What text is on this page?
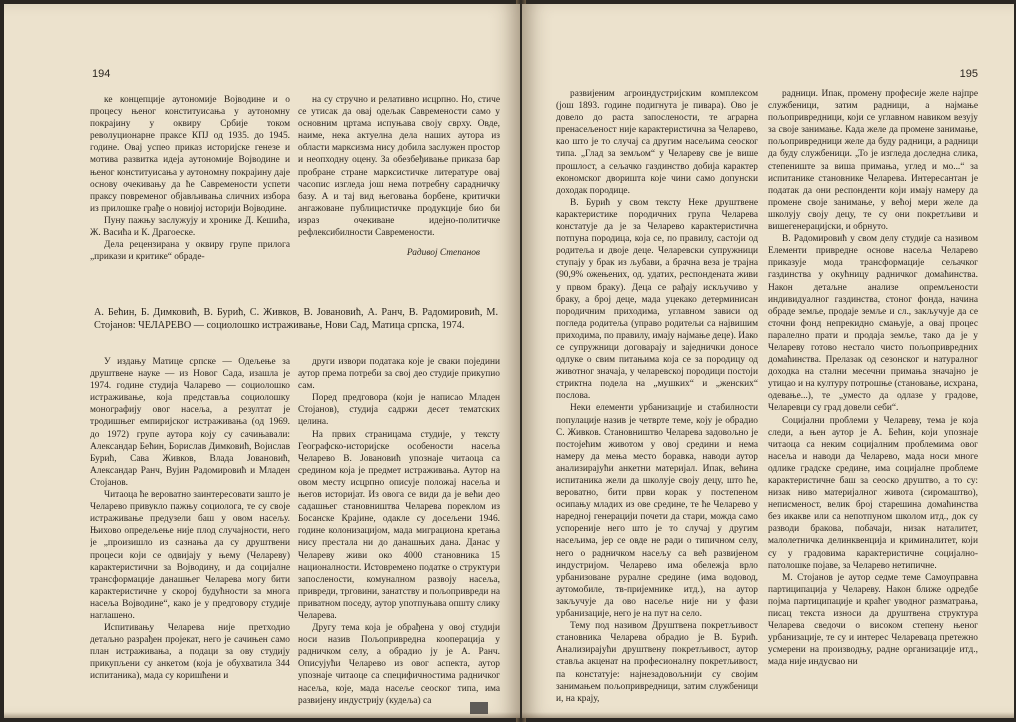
194

ке концепције аутономије Војводине и о процесу њеног конституисања у аутономну покрајину у оквиру Србије током револуционарне праксе КПЈ од 1935. до 1945. године. Овај успео приказ историјске генезе и мотива развитка идеја аутономије Војводине и њеног конституисања у аутономну покрајину даје основу очекивању да ће Савремености успети праксу повременог објављивања сличних избора из прилошке грађе о новијој историји Војводине.

Пуну пажњу заслужују и хронике Д. Кешића, Ж. Васића и К. Драгоеске.

Дела рецензирана у оквиру групе прилога „прикази и критике“ обраде-

на су стручно и релативно исцрпно. Но, стиче се утисак да овај одељак Савремености само у основним цртама испуњава своју сврху. Овде, наиме, нека актуелна дела наших аутора из области марксизма нису добила заслужен простор и неопходну оцену. За обезбеђивање приказа бар пробране стране марксистичке литературе овај часопис изгледа још нема потребну сарадничку базу. А и тај вид његовања борбене, критички ангажоване публицистичке продукције био би израз очекиване идејно-политичке рефлексибилности Савремености.

Радивој Степанов

А. Бећин, Б. Димковић, В. Бурић, С. Живков, В. Јовановић, А. Ранч, В. Радомировић, М. Стојанов: ЧЕЛАРЕВО — социолошко истраживање, Нови Сад, Матица српска, 1974.

У издању Матице српске — Одељење за друштвене науке — из Новог Сада, изашла је 1974. године студија Чаларево — социолошко истраживање, која представља социолошку монографију овог насеља, а резултат је тродишњег емпиријског истраживања (од 1969. до 1972) групе аутора коју су сачињавали: Александар Бећин, Борислав Димковић, Војислав Бурић, Сава Живков, Влада Јовановић, Александар Ранч, Вујин Радомировић и Младен Стојанов.

Читаоца ће вероватно заинтересовати зашто је Челарево привукло пажњу социолога, те су своје истраживање предузели баш у овом насељу. Њихово опредељење није плод случајности, него је „произишло из сазнања да су друштвени процеси који се одвијају у њему (Челареву) карактеристични за Војводину, и да социјалне трансформације данашњег Челарева могу бити карактеристичне у скорој будућности за многа насеља Војводине“, како је у предговору студије наглашено.

Испитивању Челарева није претходио детаљно разрађен пројекат, него је сачињен само план истраживања, а подаци за ову студију прикупљени су анкетом (која је обухватила 344 испитаника), мада су коришћени и

други извори података које је сваки поједини аутор према потреби за свој део студије прикупио сам.

Поред предговора (који је написао Младен Стојанов), студија садржи десет тематских целина.

На првих страницама студије, у тексту Географско-историјске особености насеља Челарево В. Јовановић упознаје читаоца са средином која је предмет истраживања. Аутор на овом месту исцрпно описује положај насеља и његов историјат. Из овога се види да је већи део садашњег становништва Челарева пореклом из Босанске Крајине, одакле су досељени 1946. године колонизацијом, мада миграциона кретања нису престала ни до данашњих дана. Данас у Челареву живи око 4000 становника 15 националности. Истовремено податке о структури запослености, комуналном развоју насеља, привреди, трговини, занатству и пољопривреди на приватном поседу, аутор употпуњава општу слику Челарева.

Другу тема која је обрађена у овој студији носи назив Пољопривредна кооперација у радничком селу, а обрадио ју је А. Ранч. Описујући Челарево из овог аспекта, аутор упознаје читаоце са специфичностима радничког насеља, које, мада насеље сеоског типа, има развијену индустрију (кудеља) са

195

развијеним агроиндустријским комплексом (још 1893. године подигнута је пивара). Ово је довело до раста запослености, те аграрна пренасељеност није карактеристична за Челарево, као што је то случај са другим насељима сеоског типа. „Глад за земљом“ у Челареву све је више прошлост, а сељачко газдинство добија карактер економског дворишта које чини само допунски доходак породице.

В. Бурић у свом тексту Неке друштвене карактеристике породичних група Челарева констатује да је за Челарево карактеристична потпуна породица, која се, по правилу, састоји од родитеља и двоје деце. Челаревски супружници ступају у брак из љубави, а брачна веза је трајна (90,9% ожењених, од. удатих, респондената живи у првом браку). Деца се рађају искључиво у браку, а број деце, мада уцекако детерминисан породичним приходима, углавном зависи од погледа родитеља (управо родитељи са највишим приходима, по правилу, имају најмање деце). Иако се супружници договарају и заједнички доносе одлуке о свим питањима која се за породицу од животног значаја, у челаревској породици постоји стриктна подела на „мушких“ и „женских“ послова.

Неки елементи урбанизације и стабилности популације назив је четврте теме, коју је обрадио С. Живков. Становништво Челарева задовољно је постојећим животом у овој средини и нема намеру да мења место боравка, наводи аутор анализирајући анкетни материјал. Ипак, већина испитаника жели да школује своју децу, што ће, вероватно, бити први корак у постепеном осипању младих из ове средине, те ће Челарево у наредној генерацији почети да стари, можда само успореније него што је то случај у другим насељима, јер се овде не ради о типичном селу, него о радничком насељу са већ развијеном индустријом. Челарево има обележја врло урбанизоване руралне средине (има водовод, аутомобиле, тв-пријемнике итд.), на аутор закључује да ово насеље није ни у фази урбанизације, него је на пут на село.

Тему под називом Друштвена покретљивост становника Челарева обрадио је В. Бурић. Анализирајући друштвену покретљивост, аутор ставља акценат на професионалну покретљивост, па констатује: најнезадовољнији су својим занимањем пољопривредници, затим службеници и, на крају,

радници. Ипак, промену професије желе најпре службеници, затим радници, а најмање пољопривредници, који се углавном навиком везују за своје занимање. Када желе да промене занимање, пољопривредници желе да буду радници, а радници да буду службеници. „То је изгледа доследна слика, степениште за виша примања, углед и мо...“ за испитанике становнике Челарева. Интересантан је податак да они респонденти који имају намеру да промене своје занимање, у већој мери желе да школују своју децу, те су они покретљиви и вишегенерацијски, и обрнуто.

В. Радомировић у свом делу студије са називом Елементи привредне основе насеља Челарево приказује мода трансформације сељачког газдинства у окућницу радничког домаћинства. Након детаљне анализе опремљености индивидуалног газдинства, стоног фонда, начина обраде земље, продаје земље и сл., закључује да се сточни фонд непрекидно смањује, а овај процес паралелно прати и продаја земље, тако да је у Челареву готово нестало чисто пољопривредних домаћинства. Прелазак од сезонског и натуралног доходка на стални месечни примања значајно је утицао и на културу потрошње (становање, исхрана, одевање...), те „уместо да одлазе у градове, Челаревци су град довели себи“.

Социјални проблеми у Челареву, тема је која следи, а њен аутор је А. Бећин, који упознаје читаоца са неким социјалним проблемима овог насеља и наводи да Челарево, мада носи многе одлике градске средине, има социјалне проблеме карактеристичне баш за сеоско друштво, а то су: низак ниво материјалног живота (сиромаштво), неписменост, велик број старешина домаћинства без икакве или са непотпуном школом итд., док су разводи бракова, побачаји, низак наталитет, малолетничка делинквенција и криминалитет, који су у градовима карактеристичне социјално-патолошке појаве, за Челарево нетипичне.

М. Стојанов је аутор седме теме Самоуправна партиципација у Челареву. Након ближе одредбе појма партиципације и краћег уводног разматрања, писац текста износи да друштвена структура Челарева сведочи о високом степену њеног урбанизације, те су и интерес Челареваца претежно усмерени на производњу, радне организације итд., мада није индусвао ни
